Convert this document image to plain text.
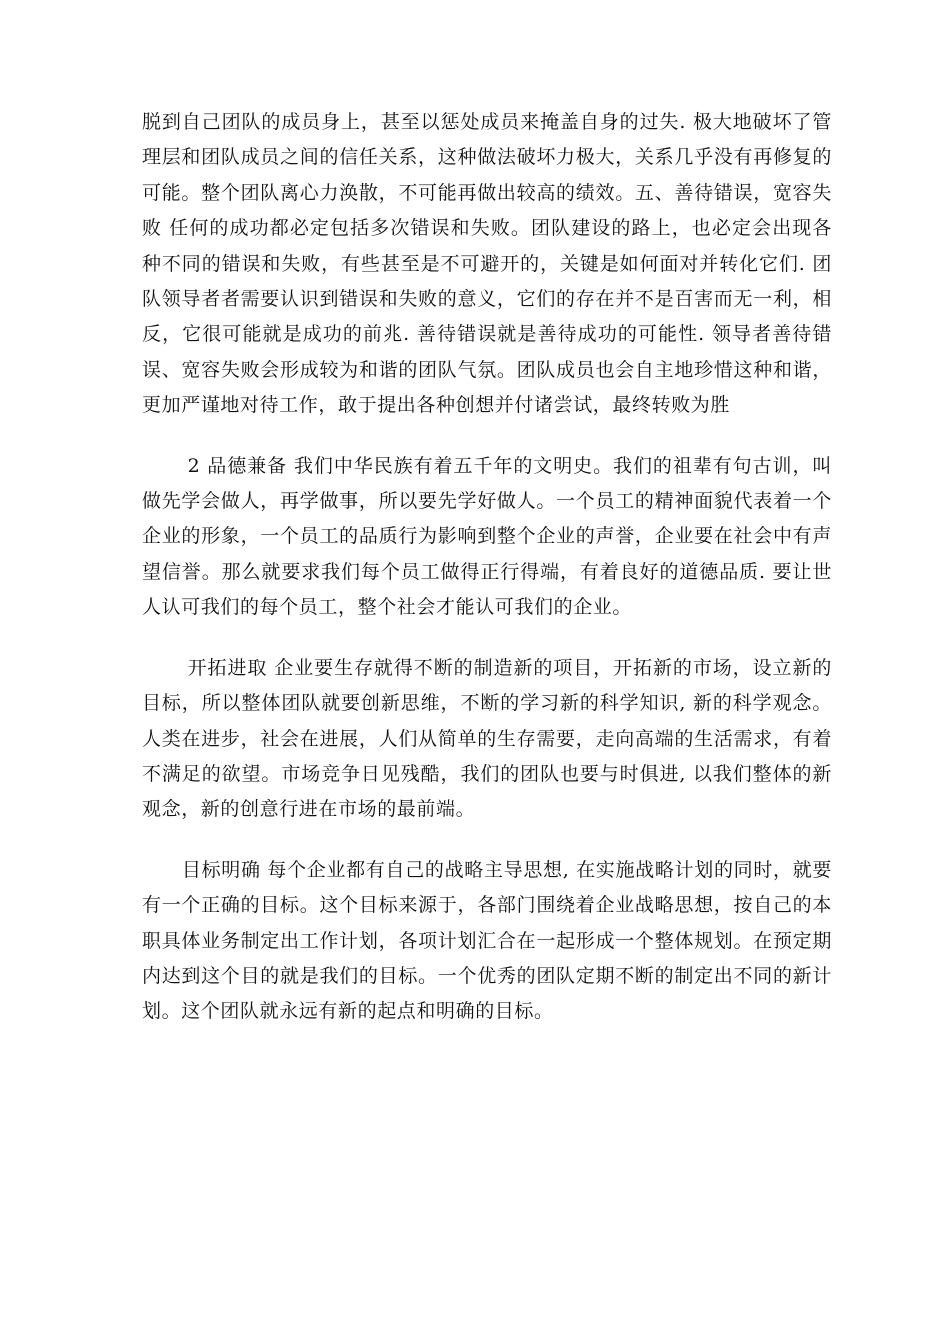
脱到自己团队的成员身上，甚至以惩处成员来掩盖自身的过失. 极大地破坏了管理层和团队成员之间的信任关系，这种做法破坏力极大，关系几乎没有再修复的可能。整个团队离心力涣散，不可能再做出较高的绩效。五、善待错误，宽容失败 任何的成功都必定包括多次错误和失败。团队建设的路上，也必定会出现各种不同的错误和失败，有些甚至是不可避开的，关键是如何面对并转化它们. 团队领导者者需要认识到错误和失败的意义，它们的存在并不是百害而无一利，相反，它很可能就是成功的前兆. 善待错误就是善待成功的可能性. 领导者善待错误、宽容失败会形成较为和谐的团队气氛。团队成员也会自主地珍惜这种和谐，更加严谨地对待工作，敢于提出各种创想并付诸尝试，最终转败为胜

2 品德兼备 我们中华民族有着五千年的文明史。我们的祖辈有句古训，叫做先学会做人，再学做事，所以要先学好做人。一个员工的精神面貌代表着一个企业的形象，一个员工的品质行为影响到整个企业的声誉，企业要在社会中有声望信誉。那么就要求我们每个员工做得正行得端，有着良好的道德品质. 要让世人认可我们的每个员工，整个社会才能认可我们的企业。

开拓进取 企业要生存就得不断的制造新的项目，开拓新的市场，设立新的目标，所以整体团队就要创新思维，不断的学习新的科学知识, 新的科学观念。人类在进步，社会在进展，人们从简单的生存需要，走向高端的生活需求，有着不满足的欲望。市场竞争日见残酷，我们的团队也要与时俱进, 以我们整体的新观念，新的创意行进在市场的最前端。

目标明确 每个企业都有自己的战略主导思想, 在实施战略计划的同时，就要有一个正确的目标。这个目标来源于，各部门围绕着企业战略思想，按自己的本职具体业务制定出工作计划，各项计划汇合在一起形成一个整体规划。在预定期内达到这个目的就是我们的目标。一个优秀的团队定期不断的制定出不同的新计划。这个团队就永远有新的起点和明确的目标。
